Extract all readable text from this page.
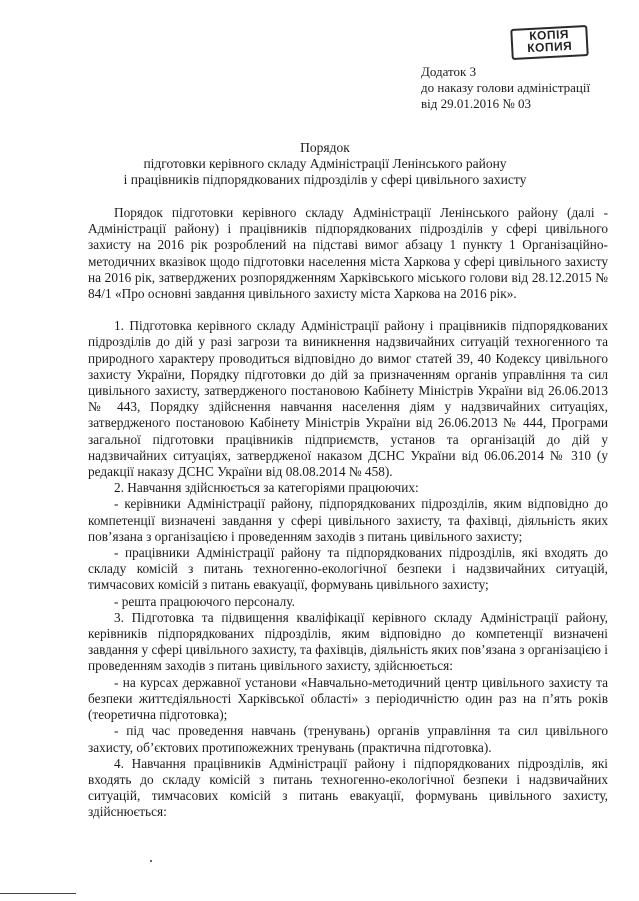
КОПІЯ
КОПИЯ
Додаток 3
до наказу голови адміністрації
від 29.01.2016 № 03
Порядок
підготовки керівного складу Адміністрації Ленінського району
і працівників підпорядкованих підрозділів у сфері цивільного захисту

Порядок підготовки керівного складу Адміністрації Ленінського району (далі - Адміністрації району) і працівників підпорядкованих підрозділів у сфері цивільного захисту на 2016 рік розроблений на підставі вимог абзацу 1 пункту 1 Організаційно-методичних вказівок щодо підготовки населення міста Харкова у сфері цивільного захисту на 2016 рік, затверджених розпорядженням Харківського міського голови від 28.12.2015 № 84/1 «Про основні завдання цивільного захисту міста Харкова на 2016 рік».

1. Підготовка керівного складу Адміністрації району і працівників підпорядкованих підрозділів до дій у разі загрози та виникнення надзвичайних ситуацій техногенного та природного характеру проводиться відповідно до вимог статей 39, 40 Кодексу цивільного захисту України, Порядку підготовки до дій за призначенням органів управління та сил цивільного захисту, затвердженого постановою Кабінету Міністрів України від 26.06.2013 № 443, Порядку здійснення навчання населення діям у надзвичайних ситуаціях, затвердженого постановою Кабінету Міністрів України від 26.06.2013 № 444, Програми загальної підготовки працівників підприємств, установ та організацій до дій у надзвичайних ситуаціях, затвердженої наказом ДСНС України від 06.06.2014 № 310 (у редакції наказу ДСНС України від 08.08.2014 № 458).

2. Навчання здійснюється за категоріями працюючих:

- керівники Адміністрації району, підпорядкованих підрозділів, яким відповідно до компетенції визначені завдання у сфері цивільного захисту, та фахівці, діяльність яких пов’язана з організацією і проведенням заходів з питань цивільного захисту;

- працівники Адміністрації району та підпорядкованих підрозділів, які входять до складу комісій з питань техногенно-екологічної безпеки і надзвичайних ситуацій, тимчасових комісій з питань евакуації, формувань цивільного захисту;

- решта працюючого персоналу.

3. Підготовка та підвищення кваліфікації керівного складу Адміністрації району, керівників підпорядкованих підрозділів, яким відповідно до компетенції визначені завдання у сфері цивільного захисту, та фахівців, діяльність яких пов’язана з організацією і проведенням заходів з питань цивільного захисту, здійснюється:

- на курсах державної установи «Навчально-методичний центр цивільного захисту та безпеки життєдіяльності Харківської області» з періодичністю один раз на п’ять років (теоретична підготовка);

- під час проведення навчань (тренувань) органів управління та сил цивільного захисту, об’єктових протипожежних тренувань (практична підготовка).

4. Навчання працівників Адміністрації району і підпорядкованих підрозділів, які входять до складу комісій з питань техногенно-екологічної безпеки і надзвичайних ситуацій, тимчасових комісій з питань евакуації, формувань цивільного захисту, здійснюється:
